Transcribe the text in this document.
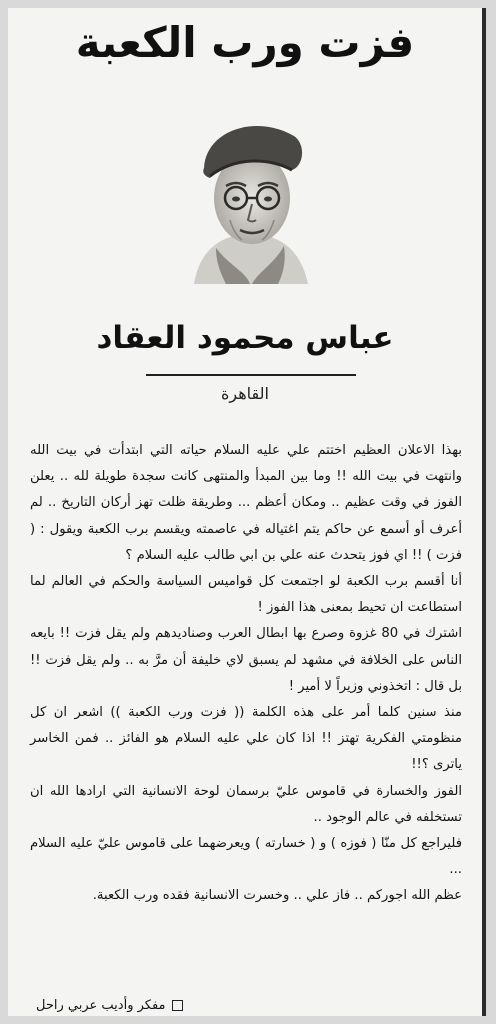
فزت ورب الكعبة
عباس محمود العقاد
القاهرة

بهذا الاعلان العظيم اختتم علي عليه السلام حياته التي ابتدأت في بيت الله وانتهت في بيت الله !! وما بين المبدأ والمنتهى كانت سجدة طويلة لله .. يعلن الفوز في وقت عظيم .. ومكان أعظم ... وطريقة ظلت تهز أركان التاريخ .. لم أعرف أو أسمع عن حاكم يتم اغتياله في عاصمته ويقسم برب الكعبة ويقول : ( فزت ) !! اي فوز يتحدث عنه علي بن ابي طالب عليه السلام ؟

أنا أقسم برب الكعبة لو اجتمعت كل قواميس السياسة والحكم في العالم لما استطاعت ان تحيط بمعنى هذا الفوز !

اشترك في 80 غزوة وصرع بها ابطال العرب وصناديدهم ولم يقل فزت !! بايعه الناس على الخلافة في مشهد لم يسبق لاي خليفة أن مرَّ به .. ولم يقل فزت !! بل قال : اتخذوني وزيراً لا أمير !

منذ سنين كلما أمر على هذه الكلمة (( فزت ورب الكعبة )) اشعر ان كل منظومتي الفكرية تهتز !! اذا كان علي عليه السلام هو الفائز .. فمن الخاسر ياترى ؟!!

الفوز والخسارة في قاموس عليّ برسمان لوحة الانسانية التي ارادها الله ان تستخلفه في عالم الوجود ..

فليراجع كل منّا ( فوزه ) و ( خسارته ) ويعرضهما على قاموس عليّ عليه السلام ...

عظم الله اجوركم .. فاز علي .. وخسرت الانسانية فقده ورب الكعبة.

مفكر وأديب عربي راحل
